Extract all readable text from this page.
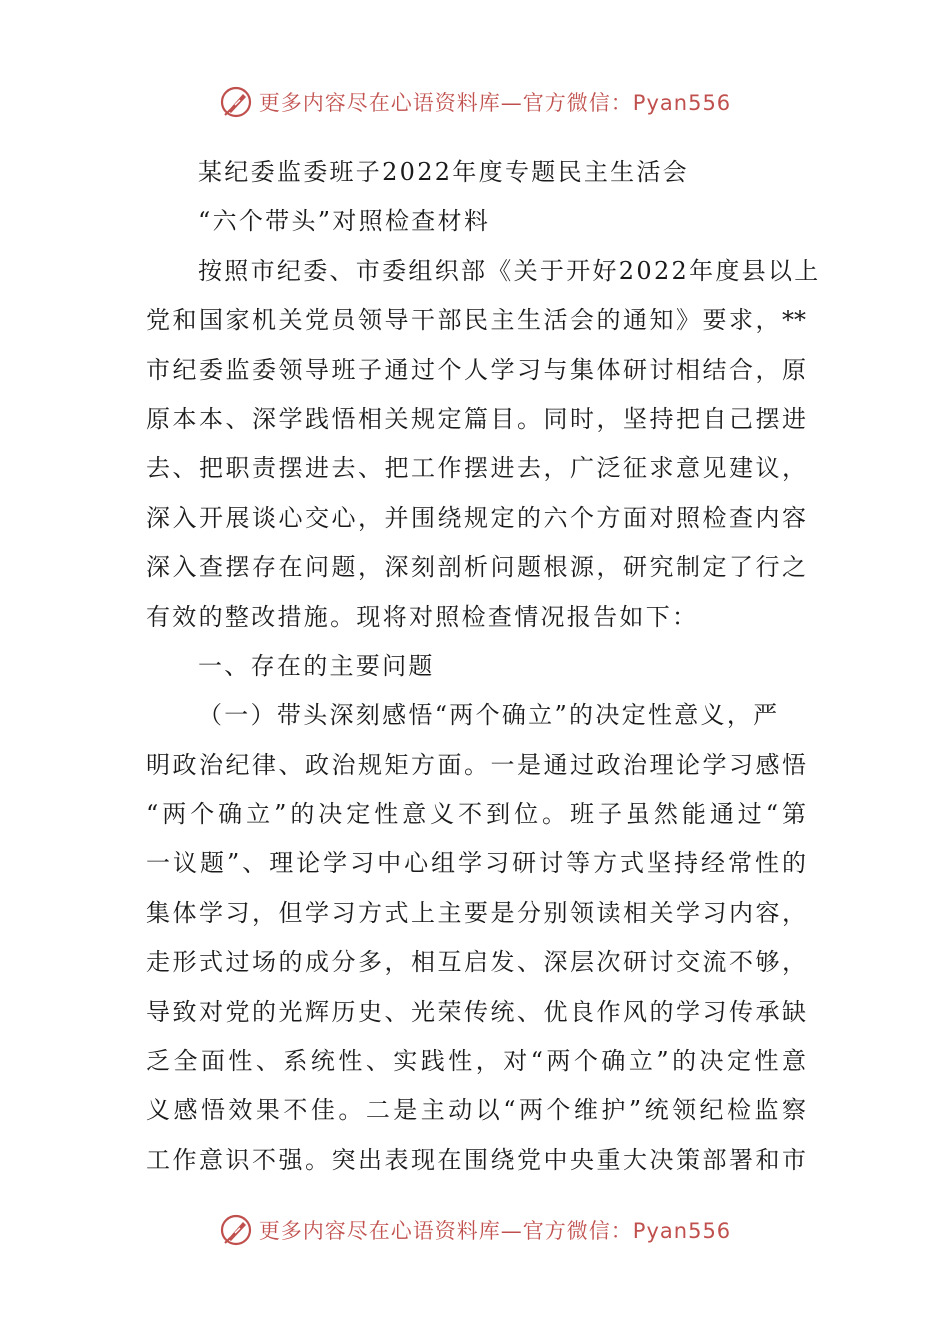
更多内容尽在心语资料库—官方微信：Pyan556
某纪委监委班子2022年度专题民主生活会
“六个带头”对照检查材料
按照市纪委、市委组织部《关于开好2022年度县以上
党和国家机关党员领导干部民主生活会的通知》要求，**
市纪委监委领导班子通过个人学习与集体研讨相结合，原
原本本、深学践悟相关规定篇目。同时，坚持把自己摆进
去、把职责摆进去、把工作摆进去，广泛征求意见建议，
深入开展谈心交心，并围绕规定的六个方面对照检查内容
深入查摆存在问题，深刻剖析问题根源，研究制定了行之
有效的整改措施。现将对照检查情况报告如下：
一、存在的主要问题
（一）带头深刻感悟“两个确立”的决定性意义，严
明政治纪律、政治规矩方面。一是通过政治理论学习感悟
“两个确立”的决定性意义不到位。班子虽然能通过“第
一议题”、理论学习中心组学习研讨等方式坚持经常性的
集体学习，但学习方式上主要是分别领读相关学习内容，
走形式过场的成分多，相互启发、深层次研讨交流不够，
导致对党的光辉历史、光荣传统、优良作风的学习传承缺
乏全面性、系统性、实践性，对“两个确立”的决定性意
义感悟效果不佳。二是主动以“两个维护”统领纪检监察
工作意识不强。突出表现在围绕党中央重大决策部署和市
更多内容尽在心语资料库—官方微信：Pyan556
